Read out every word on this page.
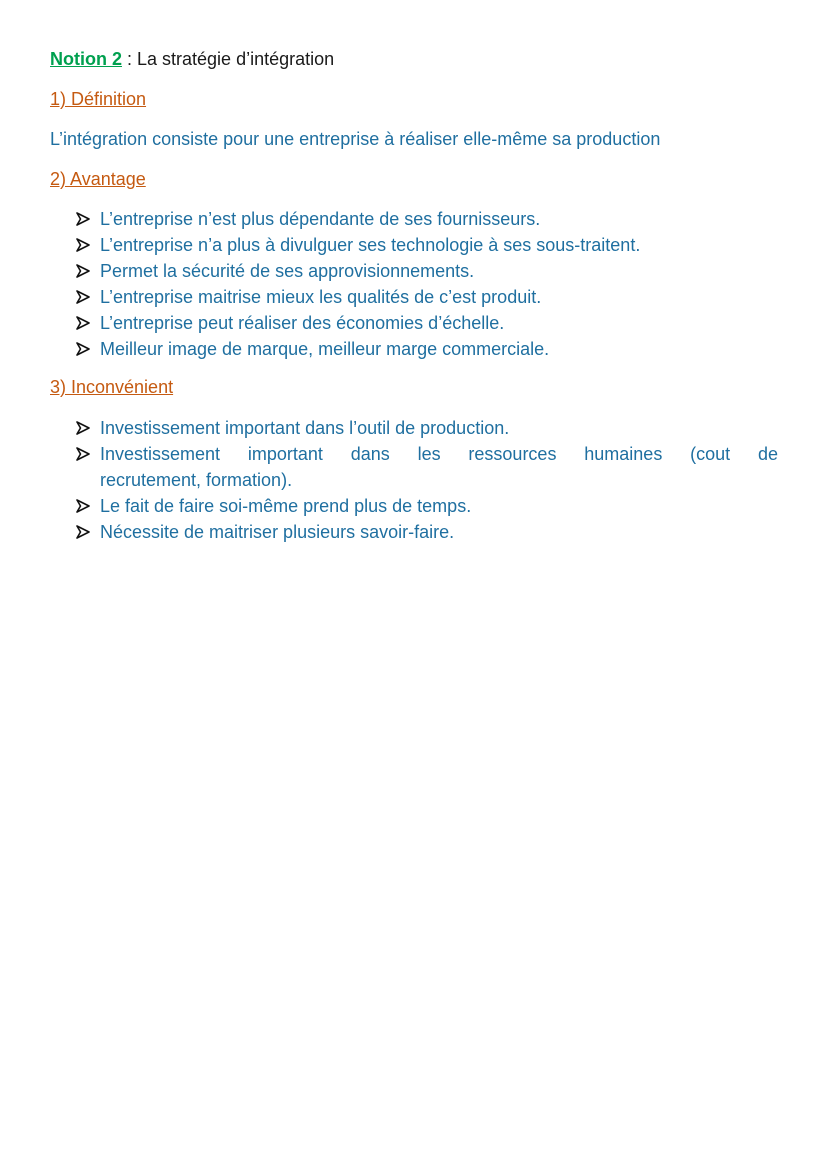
Notion 2 : La stratégie d’intégration
1) Définition
L’intégration consiste pour une entreprise à réaliser elle-même sa production
2) Avantage
L’entreprise n’est plus dépendante de ses fournisseurs.
L’entreprise n’a plus à divulguer ses technologie à ses sous-traitent.
Permet la sécurité de ses approvisionnements.
L’entreprise maitrise mieux les qualités de c’est produit.
L’entreprise peut réaliser des économies d’échelle.
Meilleur image de marque, meilleur marge commerciale.
3) Inconvénient
Investissement important dans l’outil de production.
Investissement important dans les ressources humaines (cout de
recrutement, formation).
Le fait de faire soi-même prend plus de temps.
Nécessite de maitriser plusieurs savoir-faire.
